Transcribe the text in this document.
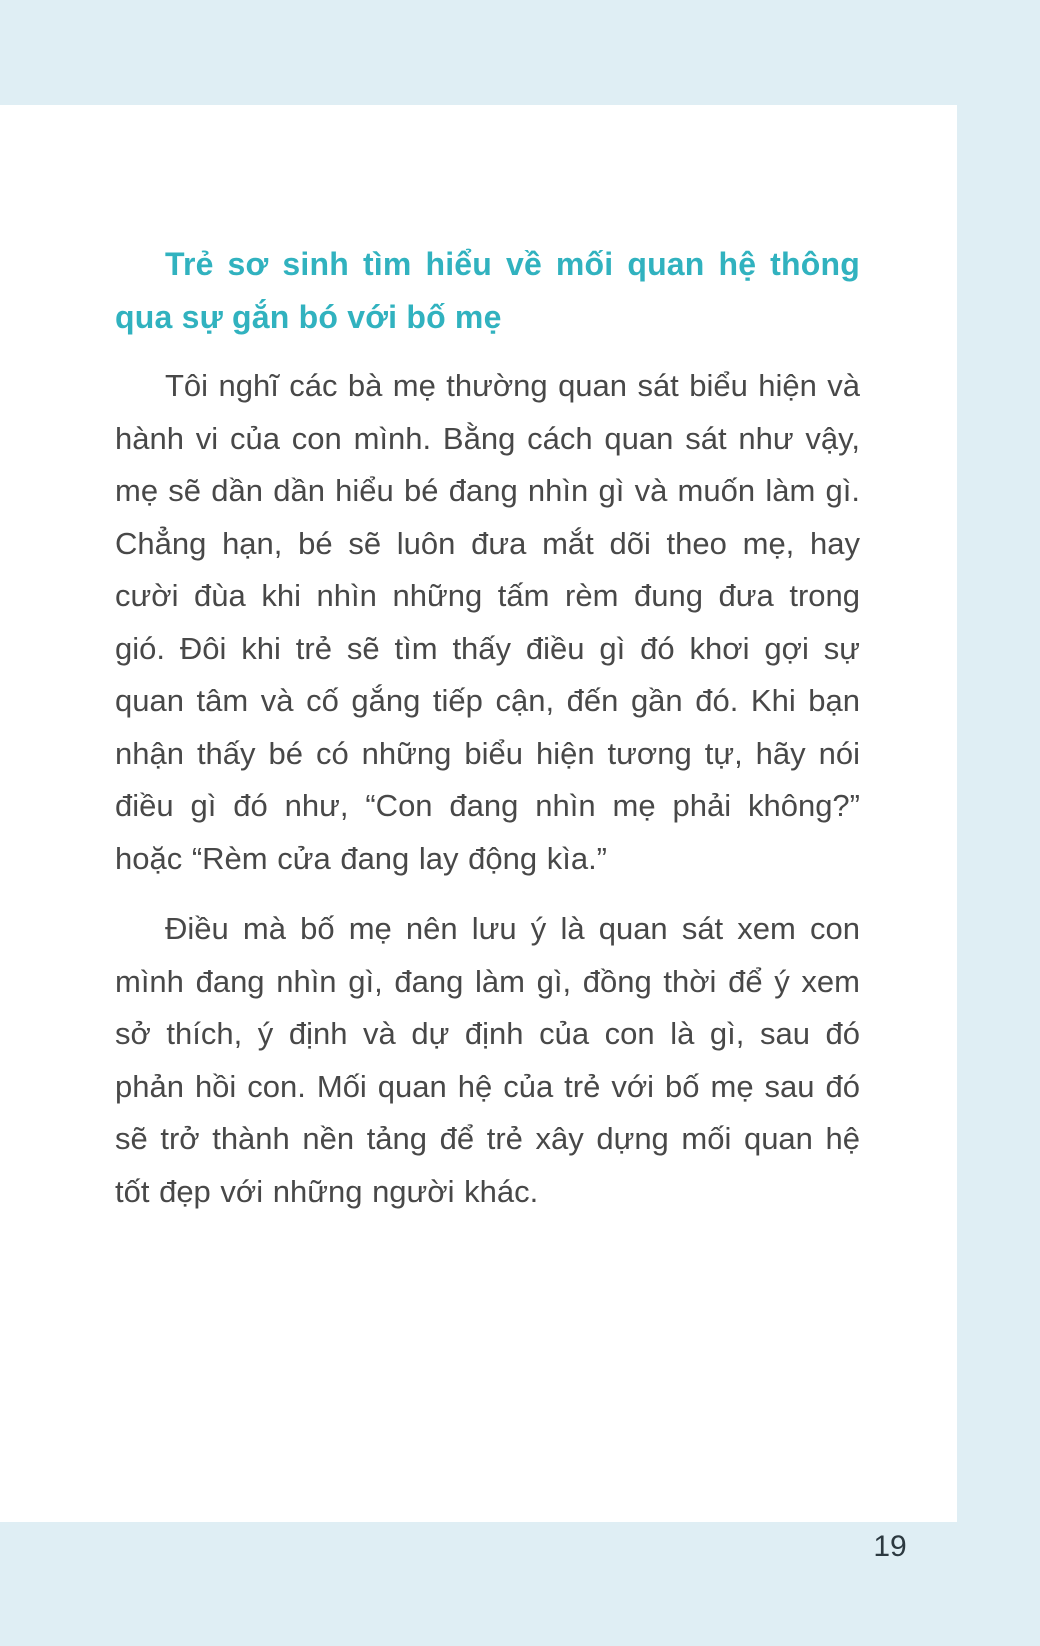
Trẻ sơ sinh tìm hiểu về mối quan hệ thông qua sự gắn bó với bố mẹ

Tôi nghĩ các bà mẹ thường quan sát biểu hiện và hành vi của con mình. Bằng cách quan sát như vậy, mẹ sẽ dần dần hiểu bé đang nhìn gì và muốn làm gì. Chẳng hạn, bé sẽ luôn đưa mắt dõi theo mẹ, hay cười đùa khi nhìn những tấm rèm đung đưa trong gió. Đôi khi trẻ sẽ tìm thấy điều gì đó khơi gợi sự quan tâm và cố gắng tiếp cận, đến gần đó. Khi bạn nhận thấy bé có những biểu hiện tương tự, hãy nói điều gì đó như, “Con đang nhìn mẹ phải không?” hoặc “Rèm cửa đang lay động kìa.”

Điều mà bố mẹ nên lưu ý là quan sát xem con mình đang nhìn gì, đang làm gì, đồng thời để ý xem sở thích, ý định và dự định của con là gì, sau đó phản hồi con. Mối quan hệ của trẻ với bố mẹ sau đó sẽ trở thành nền tảng để trẻ xây dựng mối quan hệ tốt đẹp với những người khác.

19
